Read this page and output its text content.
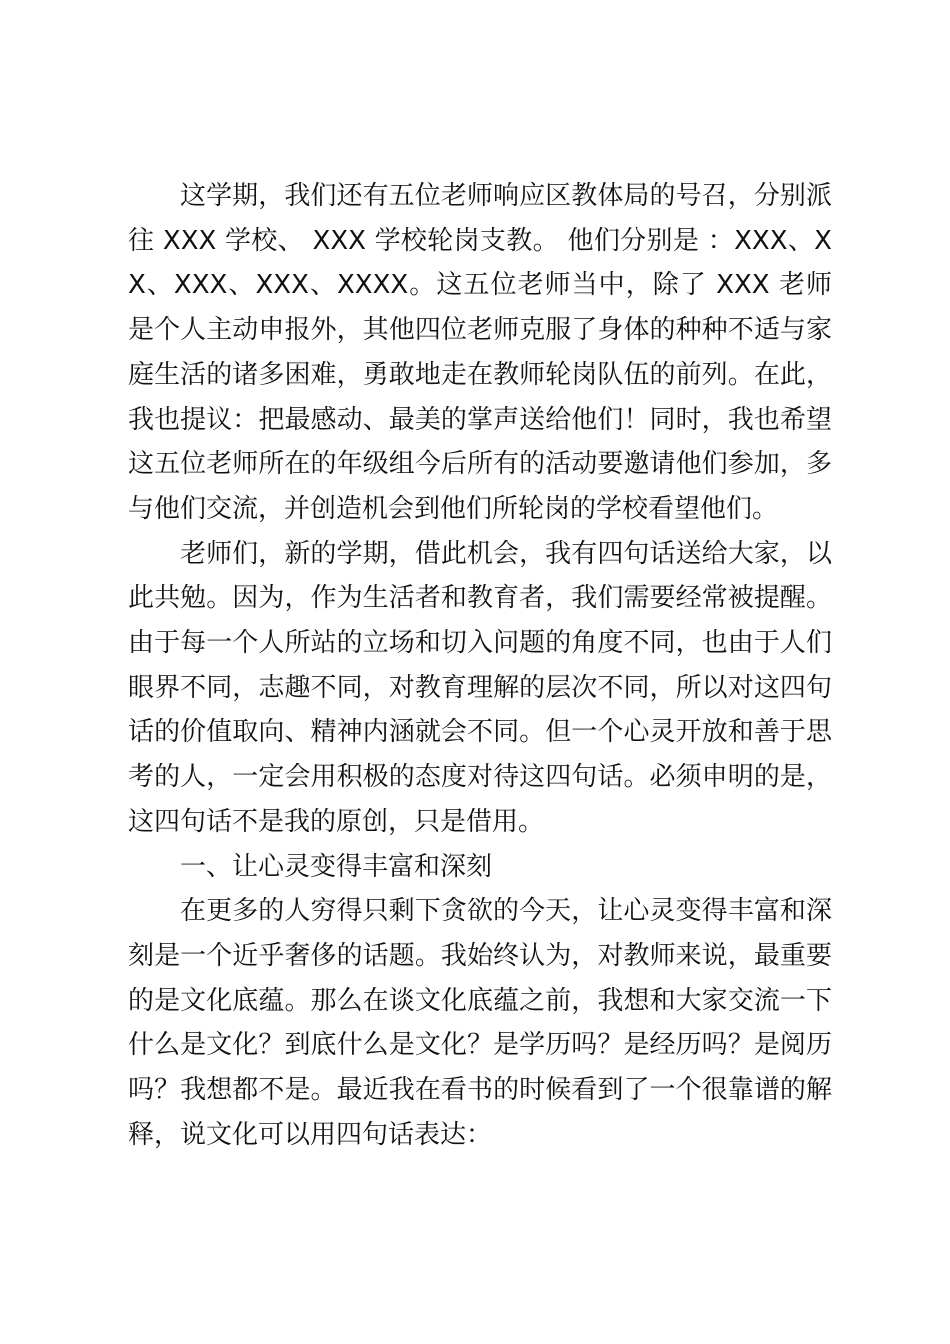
这学期，我们还有五位老师响应区教体局的号召，分别派往 XXX 学校、 XXX 学校轮岗支教。 他们分别是 ：XXX、XX、XXX、XXX、XXXX。这五位老师当中，除了 XXX 老师是个人主动申报外，其他四位老师克服了身体的种种不适与家庭生活的诸多困难，勇敢地走在教师轮岗队伍的前列。在此，我也提议：把最感动、最美的掌声送给他们！同时，我也希望这五位老师所在的年级组今后所有的活动要邀请他们参加，多与他们交流，并创造机会到他们所轮岗的学校看望他们。

老师们，新的学期，借此机会，我有四句话送给大家，以此共勉。因为，作为生活者和教育者，我们需要经常被提醒。由于每一个人所站的立场和切入问题的角度不同，也由于人们眼界不同，志趣不同，对教育理解的层次不同，所以对这四句话的价值取向、精神内涵就会不同。但一个心灵开放和善于思考的人，一定会用积极的态度对待这四句话。必须申明的是，这四句话不是我的原创，只是借用。

一、让心灵变得丰富和深刻

在更多的人穷得只剩下贪欲的今天，让心灵变得丰富和深刻是一个近乎奢侈的话题。我始终认为，对教师来说，最重要的是文化底蕴。那么在谈文化底蕴之前，我想和大家交流一下什么是文化？到底什么是文化？是学历吗？是经历吗？是阅历吗？我想都不是。最近我在看书的时候看到了一个很靠谱的解释，说文化可以用四句话表达：
